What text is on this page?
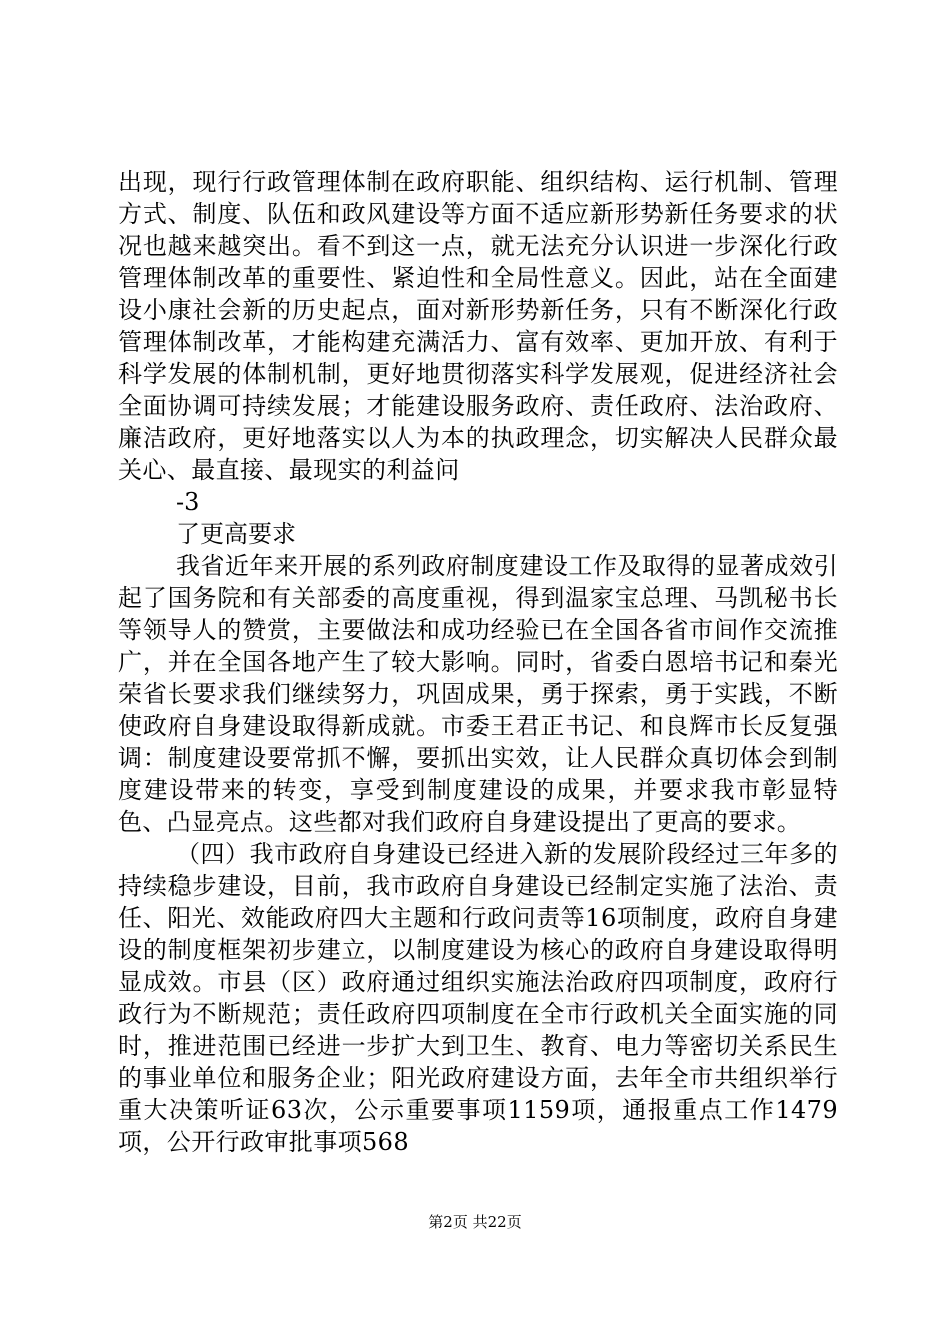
出现，现行行政管理体制在政府职能、组织结构、运行机制、管理方式、制度、队伍和政风建设等方面不适应新形势新任务要求的状况也越来越突出。看不到这一点，就无法充分认识进一步深化行政管理体制改革的重要性、紧迫性和全局性意义。因此，站在全面建设小康社会新的历史起点，面对新形势新任务，只有不断深化行政管理体制改革，才能构建充满活力、富有效率、更加开放、有利于科学发展的体制机制，更好地贯彻落实科学发展观，促进经济社会全面协调可持续发展；才能建设服务政府、责任政府、法治政府、廉洁政府，更好地落实以人为本的执政理念，切实解决人民群众最关心、最直接、最现实的利益问

-3

了更高要求

我省近年来开展的系列政府制度建设工作及取得的显著成效引起了国务院和有关部委的高度重视，得到温家宝总理、马凯秘书长等领导人的赞赏，主要做法和成功经验已在全国各省市间作交流推广，并在全国各地产生了较大影响。同时，省委白恩培书记和秦光荣省长要求我们继续努力，巩固成果，勇于探索，勇于实践，不断使政府自身建设取得新成就。市委王君正书记、和良辉市长反复强调：制度建设要常抓不懈，要抓出实效，让人民群众真切体会到制度建设带来的转变，享受到制度建设的成果，并要求我市彰显特色、凸显亮点。这些都对我们政府自身建设提出了更高的要求。

（四）我市政府自身建设已经进入新的发展阶段经过三年多的持续稳步建设，目前，我市政府自身建设已经制定实施了法治、责任、阳光、效能政府四大主题和行政问责等16项制度，政府自身建设的制度框架初步建立，以制度建设为核心的政府自身建设取得明显成效。市县（区）政府通过组织实施法治政府四项制度，政府行政行为不断规范；责任政府四项制度在全市行政机关全面实施的同时，推进范围已经进一步扩大到卫生、教育、电力等密切关系民生的事业单位和服务企业；阳光政府建设方面，去年全市共组织举行重大决策听证63次，公示重要事项1159项，通报重点工作1479项，公开行政审批事项568

第2页 共22页
